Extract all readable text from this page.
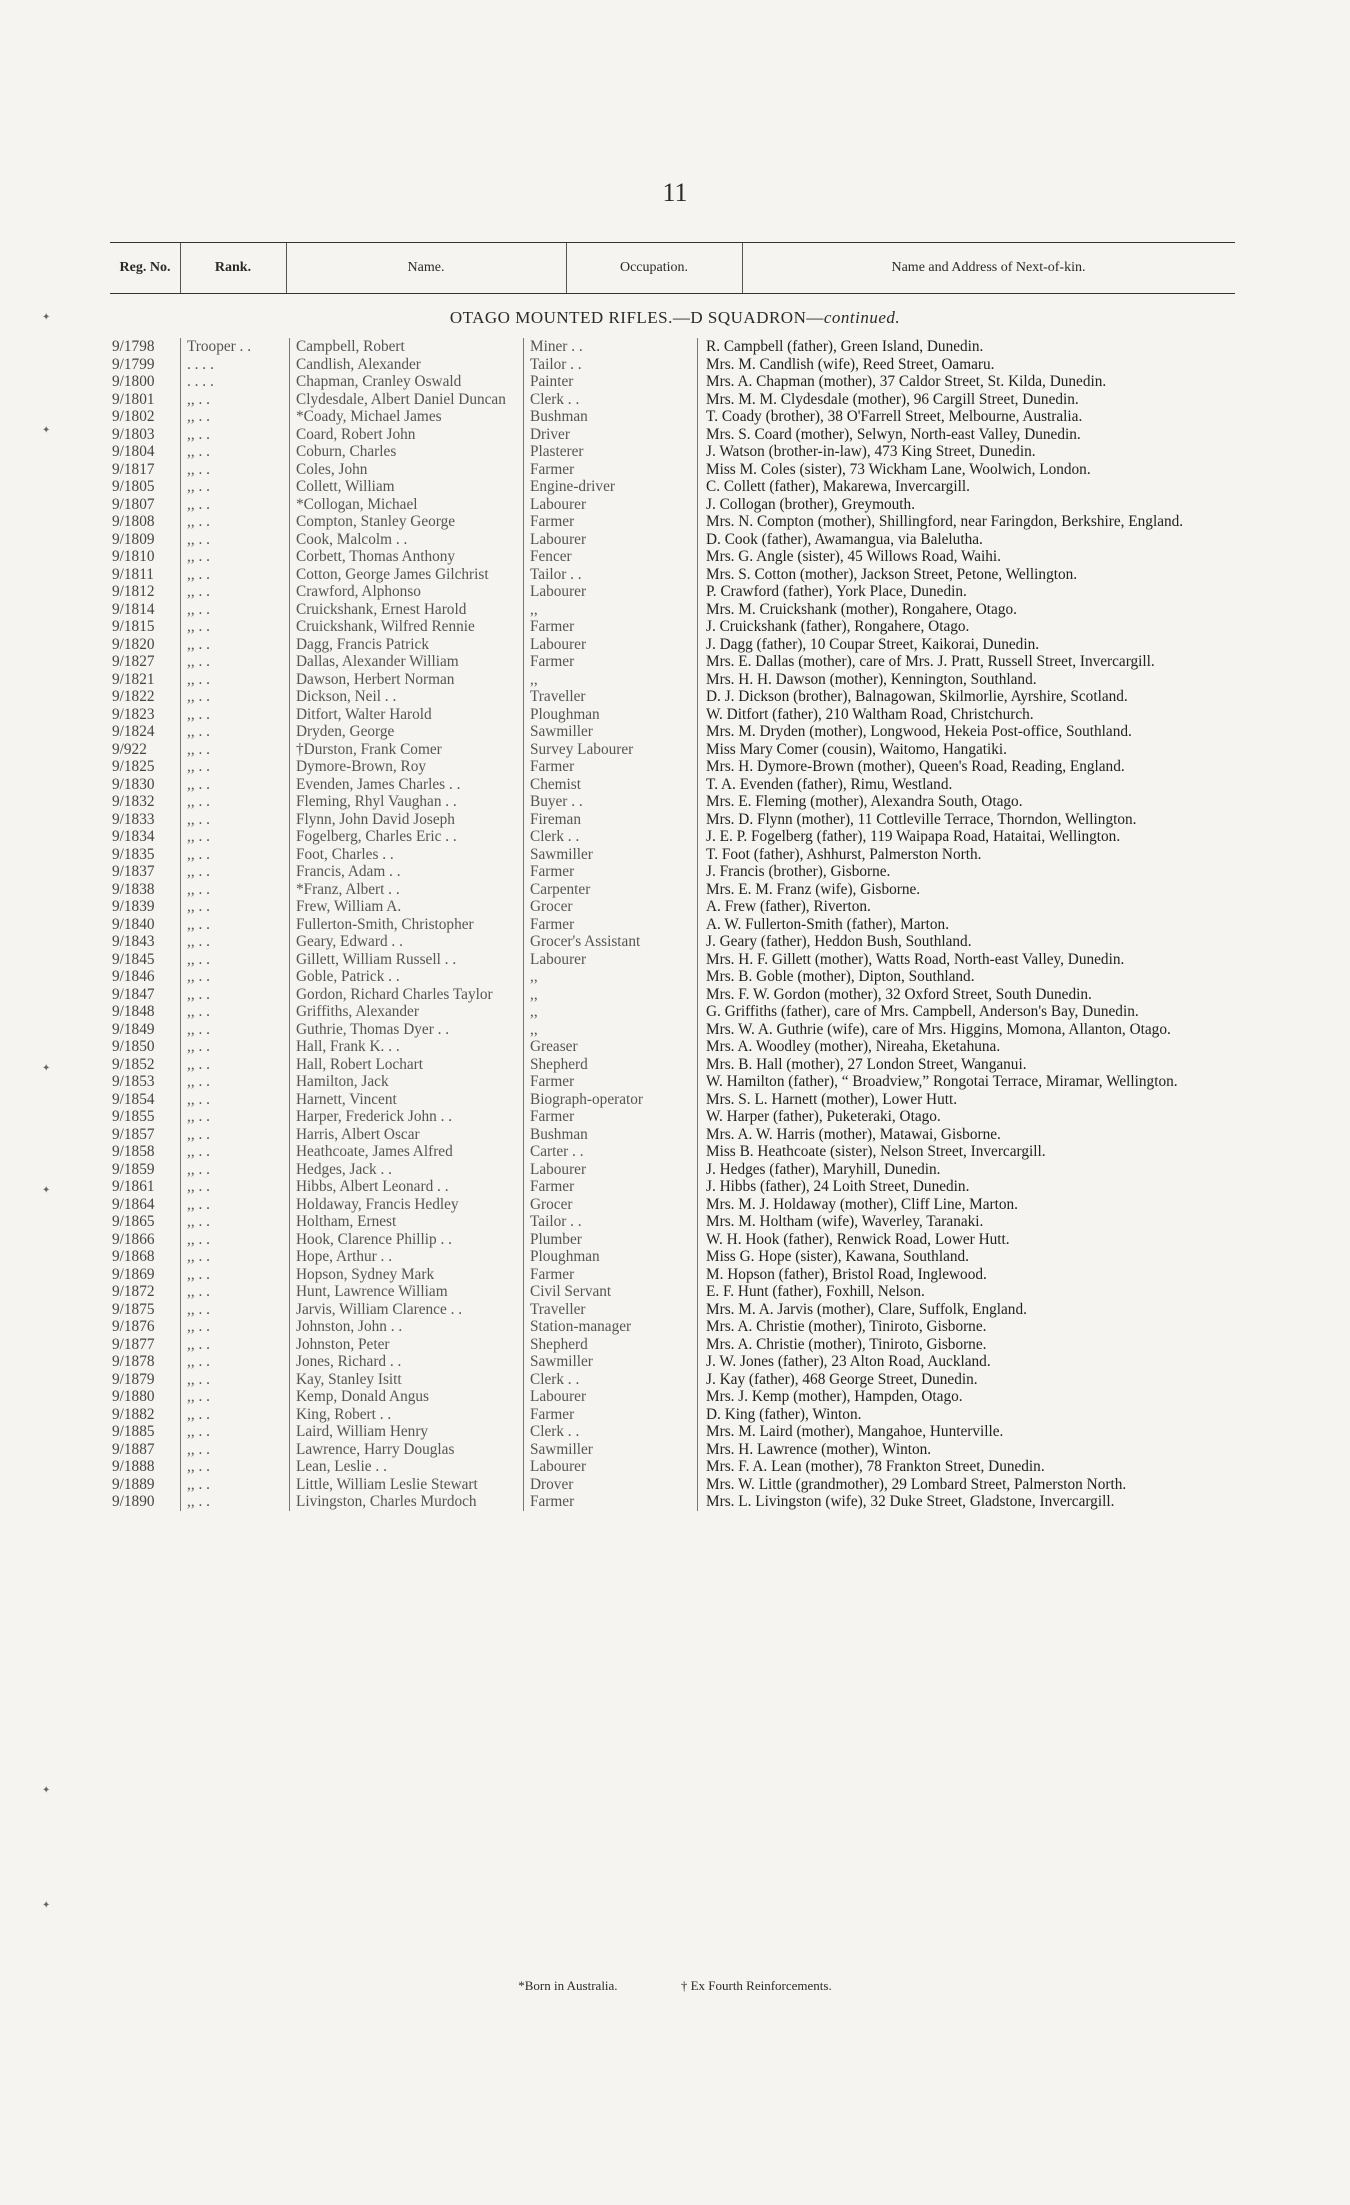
11
Reg. No.	Rank.	Name.	Occupation.	Name and Address of Next-of-kin.
OTAGO MOUNTED RIFLES.—D SQUADRON—continued.
9/1798	Trooper . .	Campbell, Robert	Miner . .	R. Campbell (father), Green Island, Dunedin.
9/1799	. . . .	Candlish, Alexander	Tailor . .	Mrs. M. Candlish (wife), Reed Street, Oamaru.
9/1800	. . . .	Chapman, Cranley Oswald	Painter	Mrs. A. Chapman (mother), 37 Caldor Street, St. Kilda, Dunedin.
9/1801	,, . .	Clydesdale, Albert Daniel Duncan	Clerk . .	Mrs. M. M. Clydesdale (mother), 96 Cargill Street, Dunedin.
9/1802	,, . .	*Coady, Michael James	Bushman	T. Coady (brother), 38 O'Farrell Street, Melbourne, Australia.
9/1803	,, . .	Coard, Robert John	Driver	Mrs. S. Coard (mother), Selwyn, North-east Valley, Dunedin.
9/1804	,, . .	Coburn, Charles	Plasterer	J. Watson (brother-in-law), 473 King Street, Dunedin.
9/1817	,, . .	Coles, John	Farmer	Miss M. Coles (sister), 73 Wickham Lane, Woolwich, London.
9/1805	,, . .	Collett, William	Engine-driver	C. Collett (father), Makarewa, Invercargill.
9/1807	,, . .	*Collogan, Michael	Labourer	J. Collogan (brother), Greymouth.
9/1808	,, . .	Compton, Stanley George	Farmer	Mrs. N. Compton (mother), Shillingford, near Faringdon, Berkshire, England.
9/1809	,, . .	Cook, Malcolm . .	Labourer	D. Cook (father), Awamangua, via Balelutha.
9/1810	,, . .	Corbett, Thomas Anthony	Fencer	Mrs. G. Angle (sister), 45 Willows Road, Waihi.
9/1811	,, . .	Cotton, George James Gilchrist	Tailor . .	Mrs. S. Cotton (mother), Jackson Street, Petone, Wellington.
9/1812	,, . .	Crawford, Alphonso	Labourer	P. Crawford (father), York Place, Dunedin.
9/1814	,, . .	Cruickshank, Ernest Harold	,,	Mrs. M. Cruickshank (mother), Rongahere, Otago.
9/1815	,, . .	Cruickshank, Wilfred Rennie	Farmer	J. Cruickshank (father), Rongahere, Otago.
9/1820	,, . .	Dagg, Francis Patrick	Labourer	J. Dagg (father), 10 Coupar Street, Kaikorai, Dunedin.
9/1827	,, . .	Dallas, Alexander William	Farmer	Mrs. E. Dallas (mother), care of Mrs. J. Pratt, Russell Street, Invercargill.
9/1821	,, . .	Dawson, Herbert Norman	,,	Mrs. H. H. Dawson (mother), Kennington, Southland.
9/1822	,, . .	Dickson, Neil . .	Traveller	D. J. Dickson (brother), Balnagowan, Skilmorlie, Ayrshire, Scotland.
9/1823	,, . .	Ditfort, Walter Harold	Ploughman	W. Ditfort (father), 210 Waltham Road, Christchurch.
9/1824	,, . .	Dryden, George	Sawmiller	Mrs. M. Dryden (mother), Longwood, Hekeia Post-office, Southland.
9/922	,, . .	†Durston, Frank Comer	Survey Labourer	Miss Mary Comer (cousin), Waitomo, Hangatiki.
9/1825	,, . .	Dymore-Brown, Roy	Farmer	Mrs. H. Dymore-Brown (mother), Queen's Road, Reading, England.
9/1830	,, . .	Evenden, James Charles . .	Chemist	T. A. Evenden (father), Rimu, Westland.
9/1832	,, . .	Fleming, Rhyl Vaughan . .	Buyer . .	Mrs. E. Fleming (mother), Alexandra South, Otago.
9/1833	,, . .	Flynn, John David Joseph	Fireman	Mrs. D. Flynn (mother), 11 Cottleville Terrace, Thorndon, Wellington.
9/1834	,, . .	Fogelberg, Charles Eric . .	Clerk . .	J. E. P. Fogelberg (father), 119 Waipapa Road, Hataitai, Wellington.
9/1835	,, . .	Foot, Charles . .	Sawmiller	T. Foot (father), Ashhurst, Palmerston North.
9/1837	,, . .	Francis, Adam . .	Farmer	J. Francis (brother), Gisborne.
9/1838	,, . .	*Franz, Albert . .	Carpenter	Mrs. E. M. Franz (wife), Gisborne.
9/1839	,, . .	Frew, William A.	Grocer	A. Frew (father), Riverton.
9/1840	,, . .	Fullerton-Smith, Christopher	Farmer	A. W. Fullerton-Smith (father), Marton.
9/1843	,, . .	Geary, Edward . .	Grocer's Assistant	J. Geary (father), Heddon Bush, Southland.
9/1845	,, . .	Gillett, William Russell . .	Labourer	Mrs. H. F. Gillett (mother), Watts Road, North-east Valley, Dunedin.
9/1846	,, . .	Goble, Patrick . .	,,	Mrs. B. Goble (mother), Dipton, Southland.
9/1847	,, . .	Gordon, Richard Charles Taylor	,,	Mrs. F. W. Gordon (mother), 32 Oxford Street, South Dunedin.
9/1848	,, . .	Griffiths, Alexander	,,	G. Griffiths (father), care of Mrs. Campbell, Anderson's Bay, Dunedin.
9/1849	,, . .	Guthrie, Thomas Dyer . .	,,	Mrs. W. A. Guthrie (wife), care of Mrs. Higgins, Momona, Allanton, Otago.
9/1850	,, . .	Hall, Frank K. . .	Greaser	Mrs. A. Woodley (mother), Nireaha, Eketahuna.
9/1852	,, . .	Hall, Robert Lochart	Shepherd	Mrs. B. Hall (mother), 27 London Street, Wanganui.
9/1853	,, . .	Hamilton, Jack	Farmer	W. Hamilton (father), “ Broadview,” Rongotai Terrace, Miramar, Wellington.
9/1854	,, . .	Harnett, Vincent	Biograph-operator	Mrs. S. L. Harnett (mother), Lower Hutt.
9/1855	,, . .	Harper, Frederick John . .	Farmer	W. Harper (father), Puketeraki, Otago.
9/1857	,, . .	Harris, Albert Oscar	Bushman	Mrs. A. W. Harris (mother), Matawai, Gisborne.
9/1858	,, . .	Heathcoate, James Alfred	Carter . .	Miss B. Heathcoate (sister), Nelson Street, Invercargill.
9/1859	,, . .	Hedges, Jack . .	Labourer	J. Hedges (father), Maryhill, Dunedin.
9/1861	,, . .	Hibbs, Albert Leonard . .	Farmer	J. Hibbs (father), 24 Loith Street, Dunedin.
9/1864	,, . .	Holdaway, Francis Hedley	Grocer	Mrs. M. J. Holdaway (mother), Cliff Line, Marton.
9/1865	,, . .	Holtham, Ernest	Tailor . .	Mrs. M. Holtham (wife), Waverley, Taranaki.
9/1866	,, . .	Hook, Clarence Phillip . .	Plumber	W. H. Hook (father), Renwick Road, Lower Hutt.
9/1868	,, . .	Hope, Arthur . .	Ploughman	Miss G. Hope (sister), Kawana, Southland.
9/1869	,, . .	Hopson, Sydney Mark	Farmer	M. Hopson (father), Bristol Road, Inglewood.
9/1872	,, . .	Hunt, Lawrence William	Civil Servant	E. F. Hunt (father), Foxhill, Nelson.
9/1875	,, . .	Jarvis, William Clarence . .	Traveller	Mrs. M. A. Jarvis (mother), Clare, Suffolk, England.
9/1876	,, . .	Johnston, John . .	Station-manager	Mrs. A. Christie (mother), Tiniroto, Gisborne.
9/1877	,, . .	Johnston, Peter	Shepherd	Mrs. A. Christie (mother), Tiniroto, Gisborne.
9/1878	,, . .	Jones, Richard . .	Sawmiller	J. W. Jones (father), 23 Alton Road, Auckland.
9/1879	,, . .	Kay, Stanley Isitt	Clerk . .	J. Kay (father), 468 George Street, Dunedin.
9/1880	,, . .	Kemp, Donald Angus	Labourer	Mrs. J. Kemp (mother), Hampden, Otago.
9/1882	,, . .	King, Robert . .	Farmer	D. King (father), Winton.
9/1885	,, . .	Laird, William Henry	Clerk . .	Mrs. M. Laird (mother), Mangahoe, Hunterville.
9/1887	,, . .	Lawrence, Harry Douglas	Sawmiller	Mrs. H. Lawrence (mother), Winton.
9/1888	,, . .	Lean, Leslie . .	Labourer	Mrs. F. A. Lean (mother), 78 Frankton Street, Dunedin.
9/1889	,, . .	Little, William Leslie Stewart	Drover	Mrs. W. Little (grandmother), 29 Lombard Street, Palmerston North.
9/1890	,, . .	Livingston, Charles Murdoch	Farmer	Mrs. L. Livingston (wife), 32 Duke Street, Gladstone, Invercargill.
*Born in Australia.	† Ex Fourth Reinforcements.
✦
✦
✦
✦
✦
✦
